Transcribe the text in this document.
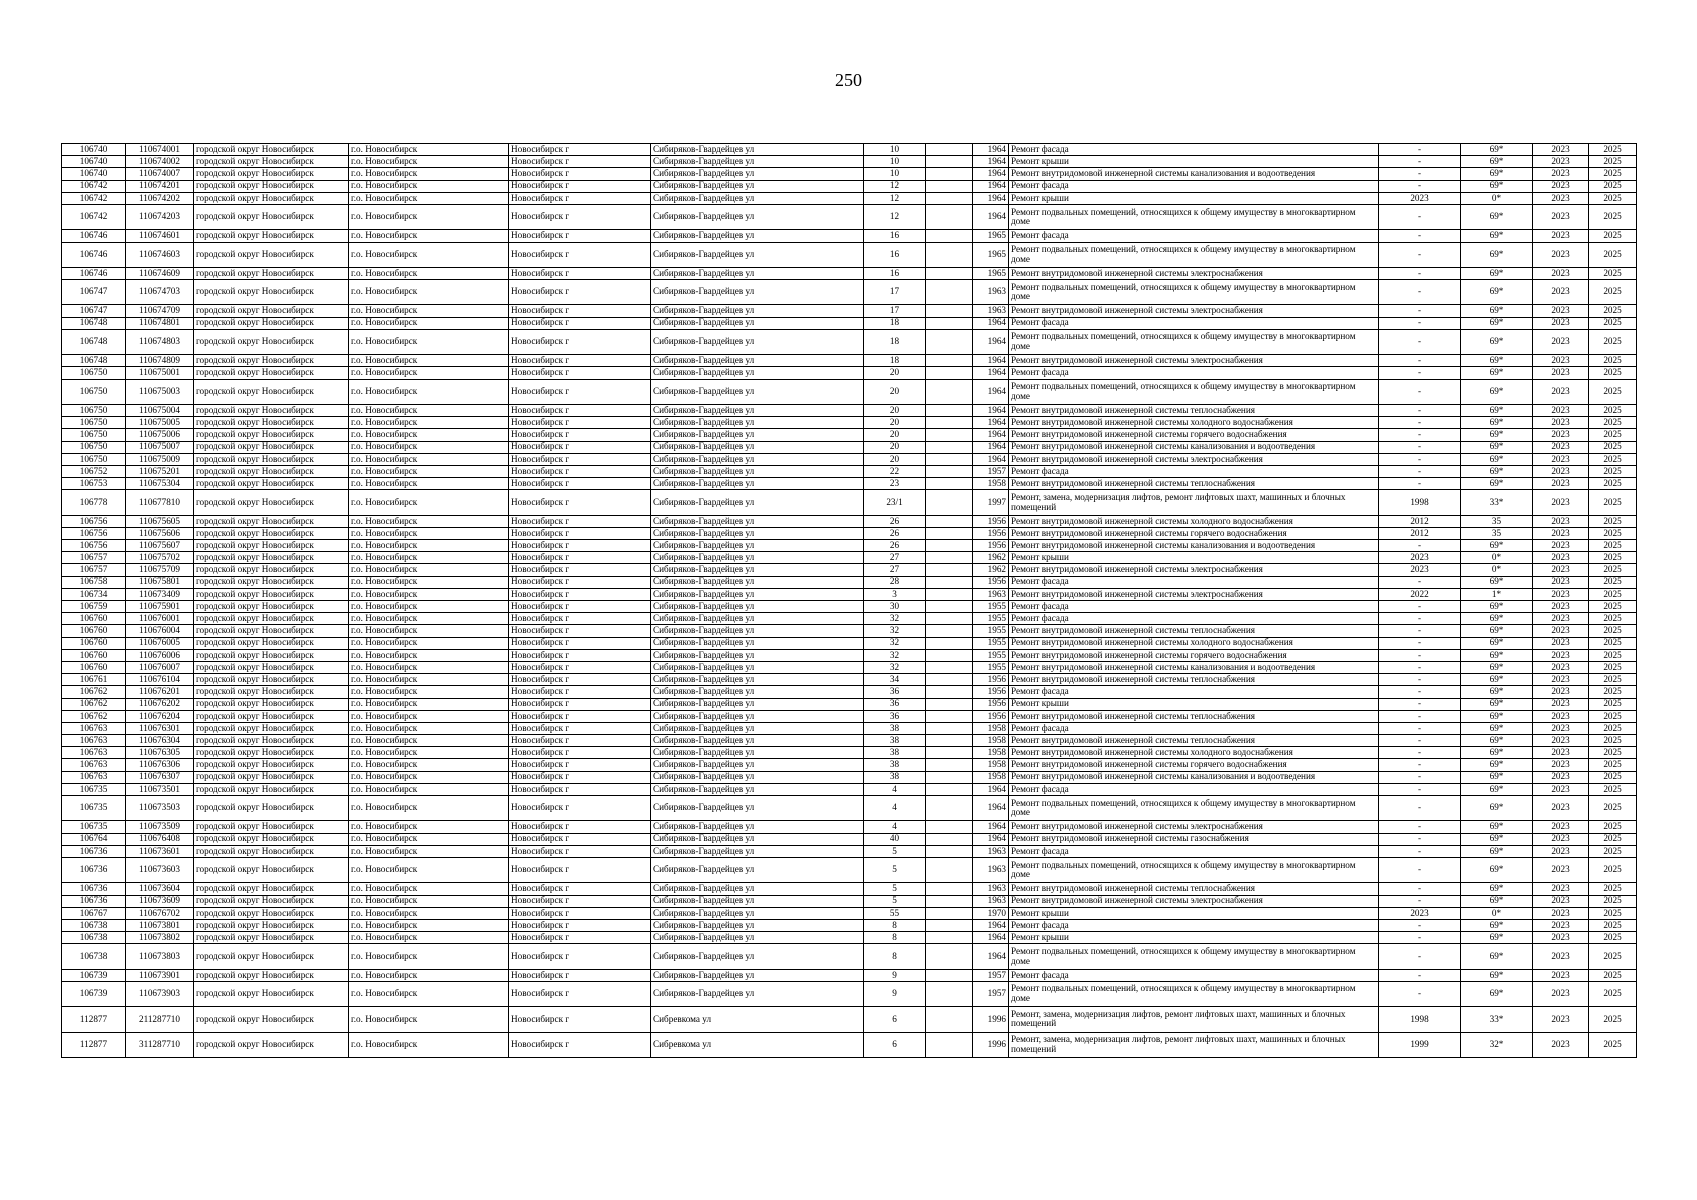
250
106740	110674001	городской округ Новосибирск	г.о. Новосибирск	Новосибирск г	Сибиряков-Гвардейцев ул	10		1964	Ремонт фасада	-	69*	2023	2025
106740	110674002	городской округ Новосибирск	г.о. Новосибирск	Новосибирск г	Сибиряков-Гвардейцев ул	10		1964	Ремонт крыши	-	69*	2023	2025
106740	110674007	городской округ Новосибирск	г.о. Новосибирск	Новосибирск г	Сибиряков-Гвардейцев ул	10		1964	Ремонт внутридомовой инженерной системы канализования и водоотведения	-	69*	2023	2025
106742	110674201	городской округ Новосибирск	г.о. Новосибирск	Новосибирск г	Сибиряков-Гвардейцев ул	12		1964	Ремонт фасада	-	69*	2023	2025
106742	110674202	городской округ Новосибирск	г.о. Новосибирск	Новосибирск г	Сибиряков-Гвардейцев ул	12		1964	Ремонт крыши	2023	0*	2023	2025
106742	110674203	городской округ Новосибирск	г.о. Новосибирск	Новосибирск г	Сибиряков-Гвардейцев ул	12		1964	Ремонт подвальных помещений, относящихся к общему имуществу в многоквартирном доме	-	69*	2023	2025
106746	110674601	городской округ Новосибирск	г.о. Новосибирск	Новосибирск г	Сибиряков-Гвардейцев ул	16		1965	Ремонт фасада	-	69*	2023	2025
106746	110674603	городской округ Новосибирск	г.о. Новосибирск	Новосибирск г	Сибиряков-Гвардейцев ул	16		1965	Ремонт подвальных помещений, относящихся к общему имуществу в многоквартирном доме	-	69*	2023	2025
106746	110674609	городской округ Новосибирск	г.о. Новосибирск	Новосибирск г	Сибиряков-Гвардейцев ул	16		1965	Ремонт внутридомовой инженерной системы электроснабжения	-	69*	2023	2025
106747	110674703	городской округ Новосибирск	г.о. Новосибирск	Новосибирск г	Сибиряков-Гвардейцев ул	17		1963	Ремонт подвальных помещений, относящихся к общему имуществу в многоквартирном доме	-	69*	2023	2025
106747	110674709	городской округ Новосибирск	г.о. Новосибирск	Новосибирск г	Сибиряков-Гвардейцев ул	17		1963	Ремонт внутридомовой инженерной системы электроснабжения	-	69*	2023	2025
106748	110674801	городской округ Новосибирск	г.о. Новосибирск	Новосибирск г	Сибиряков-Гвардейцев ул	18		1964	Ремонт фасада	-	69*	2023	2025
106748	110674803	городской округ Новосибирск	г.о. Новосибирск	Новосибирск г	Сибиряков-Гвардейцев ул	18		1964	Ремонт подвальных помещений, относящихся к общему имуществу в многоквартирном доме	-	69*	2023	2025
106748	110674809	городской округ Новосибирск	г.о. Новосибирск	Новосибирск г	Сибиряков-Гвардейцев ул	18		1964	Ремонт внутридомовой инженерной системы электроснабжения	-	69*	2023	2025
106750	110675001	городской округ Новосибирск	г.о. Новосибирск	Новосибирск г	Сибиряков-Гвардейцев ул	20		1964	Ремонт фасада	-	69*	2023	2025
106750	110675003	городской округ Новосибирск	г.о. Новосибирск	Новосибирск г	Сибиряков-Гвардейцев ул	20		1964	Ремонт подвальных помещений, относящихся к общему имуществу в многоквартирном доме	-	69*	2023	2025
106750	110675004	городской округ Новосибирск	г.о. Новосибирск	Новосибирск г	Сибиряков-Гвардейцев ул	20		1964	Ремонт внутридомовой инженерной системы теплоснабжения	-	69*	2023	2025
106750	110675005	городской округ Новосибирск	г.о. Новосибирск	Новосибирск г	Сибиряков-Гвардейцев ул	20		1964	Ремонт внутридомовой инженерной системы холодного водоснабжения	-	69*	2023	2025
106750	110675006	городской округ Новосибирск	г.о. Новосибирск	Новосибирск г	Сибиряков-Гвардейцев ул	20		1964	Ремонт внутридомовой инженерной системы горячего водоснабжения	-	69*	2023	2025
106750	110675007	городской округ Новосибирск	г.о. Новосибирск	Новосибирск г	Сибиряков-Гвардейцев ул	20		1964	Ремонт внутридомовой инженерной системы канализования и водоотведения	-	69*	2023	2025
106750	110675009	городской округ Новосибирск	г.о. Новосибирск	Новосибирск г	Сибиряков-Гвардейцев ул	20		1964	Ремонт внутридомовой инженерной системы электроснабжения	-	69*	2023	2025
106752	110675201	городской округ Новосибирск	г.о. Новосибирск	Новосибирск г	Сибиряков-Гвардейцев ул	22		1957	Ремонт фасада	-	69*	2023	2025
106753	110675304	городской округ Новосибирск	г.о. Новосибирск	Новосибирск г	Сибиряков-Гвардейцев ул	23		1958	Ремонт внутридомовой инженерной системы теплоснабжения	-	69*	2023	2025
106778	110677810	городской округ Новосибирск	г.о. Новосибирск	Новосибирск г	Сибиряков-Гвардейцев ул	23/1		1997	Ремонт, замена, модернизация лифтов, ремонт лифтовых шахт, машинных и блочных помещений	1998	33*	2023	2025
106756	110675605	городской округ Новосибирск	г.о. Новосибирск	Новосибирск г	Сибиряков-Гвардейцев ул	26		1956	Ремонт внутридомовой инженерной системы холодного водоснабжения	2012	35	2023	2025
106756	110675606	городской округ Новосибирск	г.о. Новосибирск	Новосибирск г	Сибиряков-Гвардейцев ул	26		1956	Ремонт внутридомовой инженерной системы горячего водоснабжения	2012	35	2023	2025
106756	110675607	городской округ Новосибирск	г.о. Новосибирск	Новосибирск г	Сибиряков-Гвардейцев ул	26		1956	Ремонт внутридомовой инженерной системы канализования и водоотведения	-	69*	2023	2025
106757	110675702	городской округ Новосибирск	г.о. Новосибирск	Новосибирск г	Сибиряков-Гвардейцев ул	27		1962	Ремонт крыши	2023	0*	2023	2025
106757	110675709	городской округ Новосибирск	г.о. Новосибирск	Новосибирск г	Сибиряков-Гвардейцев ул	27		1962	Ремонт внутридомовой инженерной системы электроснабжения	2023	0*	2023	2025
106758	110675801	городской округ Новосибирск	г.о. Новосибирск	Новосибирск г	Сибиряков-Гвардейцев ул	28		1956	Ремонт фасада	-	69*	2023	2025
106734	110673409	городской округ Новосибирск	г.о. Новосибирск	Новосибирск г	Сибиряков-Гвардейцев ул	3		1963	Ремонт внутридомовой инженерной системы электроснабжения	2022	1*	2023	2025
106759	110675901	городской округ Новосибирск	г.о. Новосибирск	Новосибирск г	Сибиряков-Гвардейцев ул	30		1955	Ремонт фасада	-	69*	2023	2025
106760	110676001	городской округ Новосибирск	г.о. Новосибирск	Новосибирск г	Сибиряков-Гвардейцев ул	32		1955	Ремонт фасада	-	69*	2023	2025
106760	110676004	городской округ Новосибирск	г.о. Новосибирск	Новосибирск г	Сибиряков-Гвардейцев ул	32		1955	Ремонт внутридомовой инженерной системы теплоснабжения	-	69*	2023	2025
106760	110676005	городской округ Новосибирск	г.о. Новосибирск	Новосибирск г	Сибиряков-Гвардейцев ул	32		1955	Ремонт внутридомовой инженерной системы холодного водоснабжения	-	69*	2023	2025
106760	110676006	городской округ Новосибирск	г.о. Новосибирск	Новосибирск г	Сибиряков-Гвардейцев ул	32		1955	Ремонт внутридомовой инженерной системы горячего водоснабжения	-	69*	2023	2025
106760	110676007	городской округ Новосибирск	г.о. Новосибирск	Новосибирск г	Сибиряков-Гвардейцев ул	32		1955	Ремонт внутридомовой инженерной системы канализования и водоотведения	-	69*	2023	2025
106761	110676104	городской округ Новосибирск	г.о. Новосибирск	Новосибирск г	Сибиряков-Гвардейцев ул	34		1956	Ремонт внутридомовой инженерной системы теплоснабжения	-	69*	2023	2025
106762	110676201	городской округ Новосибирск	г.о. Новосибирск	Новосибирск г	Сибиряков-Гвардейцев ул	36		1956	Ремонт фасада	-	69*	2023	2025
106762	110676202	городской округ Новосибирск	г.о. Новосибирск	Новосибирск г	Сибиряков-Гвардейцев ул	36		1956	Ремонт крыши	-	69*	2023	2025
106762	110676204	городской округ Новосибирск	г.о. Новосибирск	Новосибирск г	Сибиряков-Гвардейцев ул	36		1956	Ремонт внутридомовой инженерной системы теплоснабжения	-	69*	2023	2025
106763	110676301	городской округ Новосибирск	г.о. Новосибирск	Новосибирск г	Сибиряков-Гвардейцев ул	38		1958	Ремонт фасада	-	69*	2023	2025
106763	110676304	городской округ Новосибирск	г.о. Новосибирск	Новосибирск г	Сибиряков-Гвардейцев ул	38		1958	Ремонт внутридомовой инженерной системы теплоснабжения	-	69*	2023	2025
106763	110676305	городской округ Новосибирск	г.о. Новосибирск	Новосибирск г	Сибиряков-Гвардейцев ул	38		1958	Ремонт внутридомовой инженерной системы холодного водоснабжения	-	69*	2023	2025
106763	110676306	городской округ Новосибирск	г.о. Новосибирск	Новосибирск г	Сибиряков-Гвардейцев ул	38		1958	Ремонт внутридомовой инженерной системы горячего водоснабжения	-	69*	2023	2025
106763	110676307	городской округ Новосибирск	г.о. Новосибирск	Новосибирск г	Сибиряков-Гвардейцев ул	38		1958	Ремонт внутридомовой инженерной системы канализования и водоотведения	-	69*	2023	2025
106735	110673501	городской округ Новосибирск	г.о. Новосибирск	Новосибирск г	Сибиряков-Гвардейцев ул	4		1964	Ремонт фасада	-	69*	2023	2025
106735	110673503	городской округ Новосибирск	г.о. Новосибирск	Новосибирск г	Сибиряков-Гвардейцев ул	4		1964	Ремонт подвальных помещений, относящихся к общему имуществу в многоквартирном доме	-	69*	2023	2025
106735	110673509	городской округ Новосибирск	г.о. Новосибирск	Новосибирск г	Сибиряков-Гвардейцев ул	4		1964	Ремонт внутридомовой инженерной системы электроснабжения	-	69*	2023	2025
106764	110676408	городской округ Новосибирск	г.о. Новосибирск	Новосибирск г	Сибиряков-Гвардейцев ул	40		1964	Ремонт внутридомовой инженерной системы газоснабжения	-	69*	2023	2025
106736	110673601	городской округ Новосибирск	г.о. Новосибирск	Новосибирск г	Сибиряков-Гвардейцев ул	5		1963	Ремонт фасада	-	69*	2023	2025
106736	110673603	городской округ Новосибирск	г.о. Новосибирск	Новосибирск г	Сибиряков-Гвардейцев ул	5		1963	Ремонт подвальных помещений, относящихся к общему имуществу в многоквартирном доме	-	69*	2023	2025
106736	110673604	городской округ Новосибирск	г.о. Новосибирск	Новосибирск г	Сибиряков-Гвардейцев ул	5		1963	Ремонт внутридомовой инженерной системы теплоснабжения	-	69*	2023	2025
106736	110673609	городской округ Новосибирск	г.о. Новосибирск	Новосибирск г	Сибиряков-Гвардейцев ул	5		1963	Ремонт внутридомовой инженерной системы электроснабжения	-	69*	2023	2025
106767	110676702	городской округ Новосибирск	г.о. Новосибирск	Новосибирск г	Сибиряков-Гвардейцев ул	55		1970	Ремонт крыши	2023	0*	2023	2025
106738	110673801	городской округ Новосибирск	г.о. Новосибирск	Новосибирск г	Сибиряков-Гвардейцев ул	8		1964	Ремонт фасада	-	69*	2023	2025
106738	110673802	городской округ Новосибирск	г.о. Новосибирск	Новосибирск г	Сибиряков-Гвардейцев ул	8		1964	Ремонт крыши	-	69*	2023	2025
106738	110673803	городской округ Новосибирск	г.о. Новосибирск	Новосибирск г	Сибиряков-Гвардейцев ул	8		1964	Ремонт подвальных помещений, относящихся к общему имуществу в многоквартирном доме	-	69*	2023	2025
106739	110673901	городской округ Новосибирск	г.о. Новосибирск	Новосибирск г	Сибиряков-Гвардейцев ул	9		1957	Ремонт фасада	-	69*	2023	2025
106739	110673903	городской округ Новосибирск	г.о. Новосибирск	Новосибирск г	Сибиряков-Гвардейцев ул	9		1957	Ремонт подвальных помещений, относящихся к общему имуществу в многоквартирном доме	-	69*	2023	2025
112877	211287710	городской округ Новосибирск	г.о. Новосибирск	Новосибирск г	Сибревкома ул	6		1996	Ремонт, замена, модернизация лифтов, ремонт лифтовых шахт, машинных и блочных помещений	1998	33*	2023	2025
112877	311287710	городской округ Новосибирск	г.о. Новосибирск	Новосибирск г	Сибревкома ул	6		1996	Ремонт, замена, модернизация лифтов, ремонт лифтовых шахт, машинных и блочных помещений	1999	32*	2023	2025
